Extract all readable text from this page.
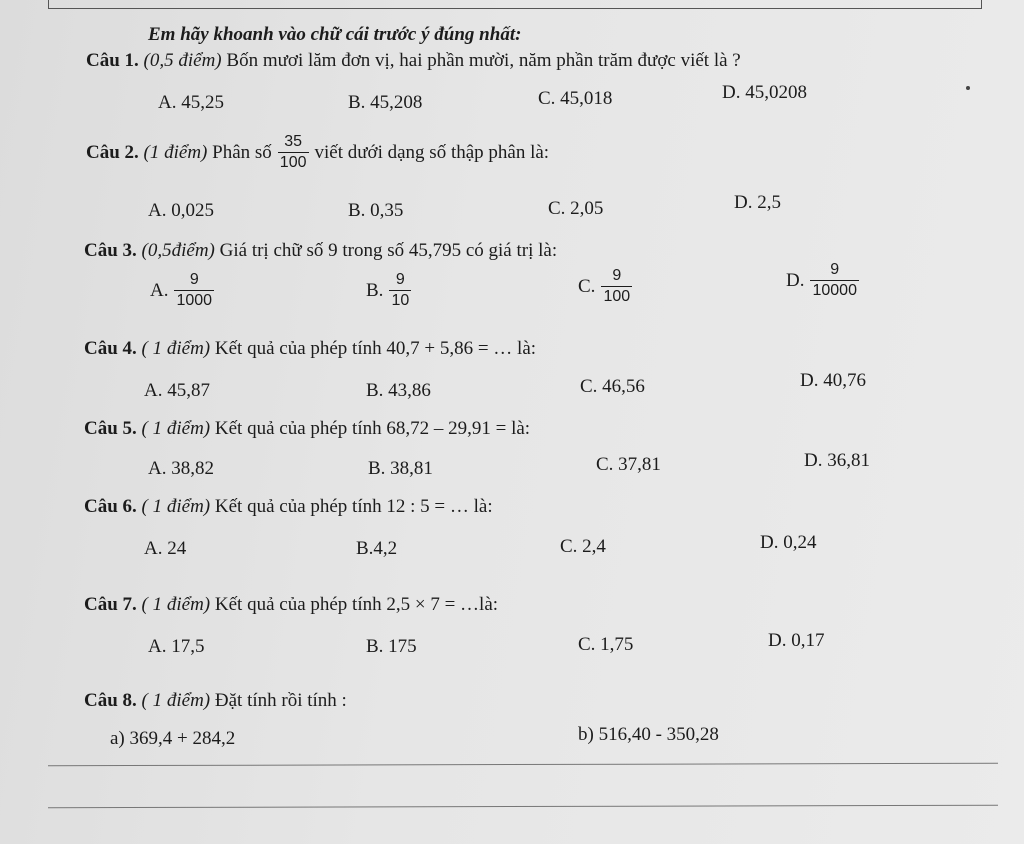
Em hãy khoanh vào chữ cái trước ý đúng nhất:
Câu 1. (0,5 điểm) Bốn mươi lăm đơn vị, hai phần mười, năm phần trăm được viết là ?
A. 45,25	B. 45,208	C. 45,018	D. 45,0208
Câu 2.
(1 điểm)
Phân số $\frac{35}{100}$ viết dưới dạng số thập phân là:
A. 0,025	B. 0,35	C. 2,05	D. 2,5
Câu 3. (0,5điểm) Giá trị chữ số 9 trong số 45,795 có giá trị là:
A. $\frac{9}{1000}$	B. $\frac{9}{10}$	C. $\frac{9}{100}$	D. $\frac{9}{10000}$
Câu 4. ( 1 điểm) Kết quả của phép tính 40,7 + 5,86 = … là:
A. 45,87	B. 43,86	C. 46,56	D. 40,76
Câu 5. ( 1 điểm) Kết quả của phép tính 68,72 – 29,91 = là:
A. 38,82	B. 38,81	C. 37,81	D. 36,81
Câu 6. ( 1 điểm) Kết quả của phép tính 12 : 5 = … là:
A. 24	B.4,2	C. 2,4	D. 0,24
Câu 7. ( 1 điểm) Kết quả của phép tính 2,5 × 7 = …là:
A. 17,5	B. 175	C. 1,75	D. 0,17
Câu 8. ( 1 điểm) Đặt tính rồi tính :
a) 369,4 + 284,2	b) 516,40 - 350,28
